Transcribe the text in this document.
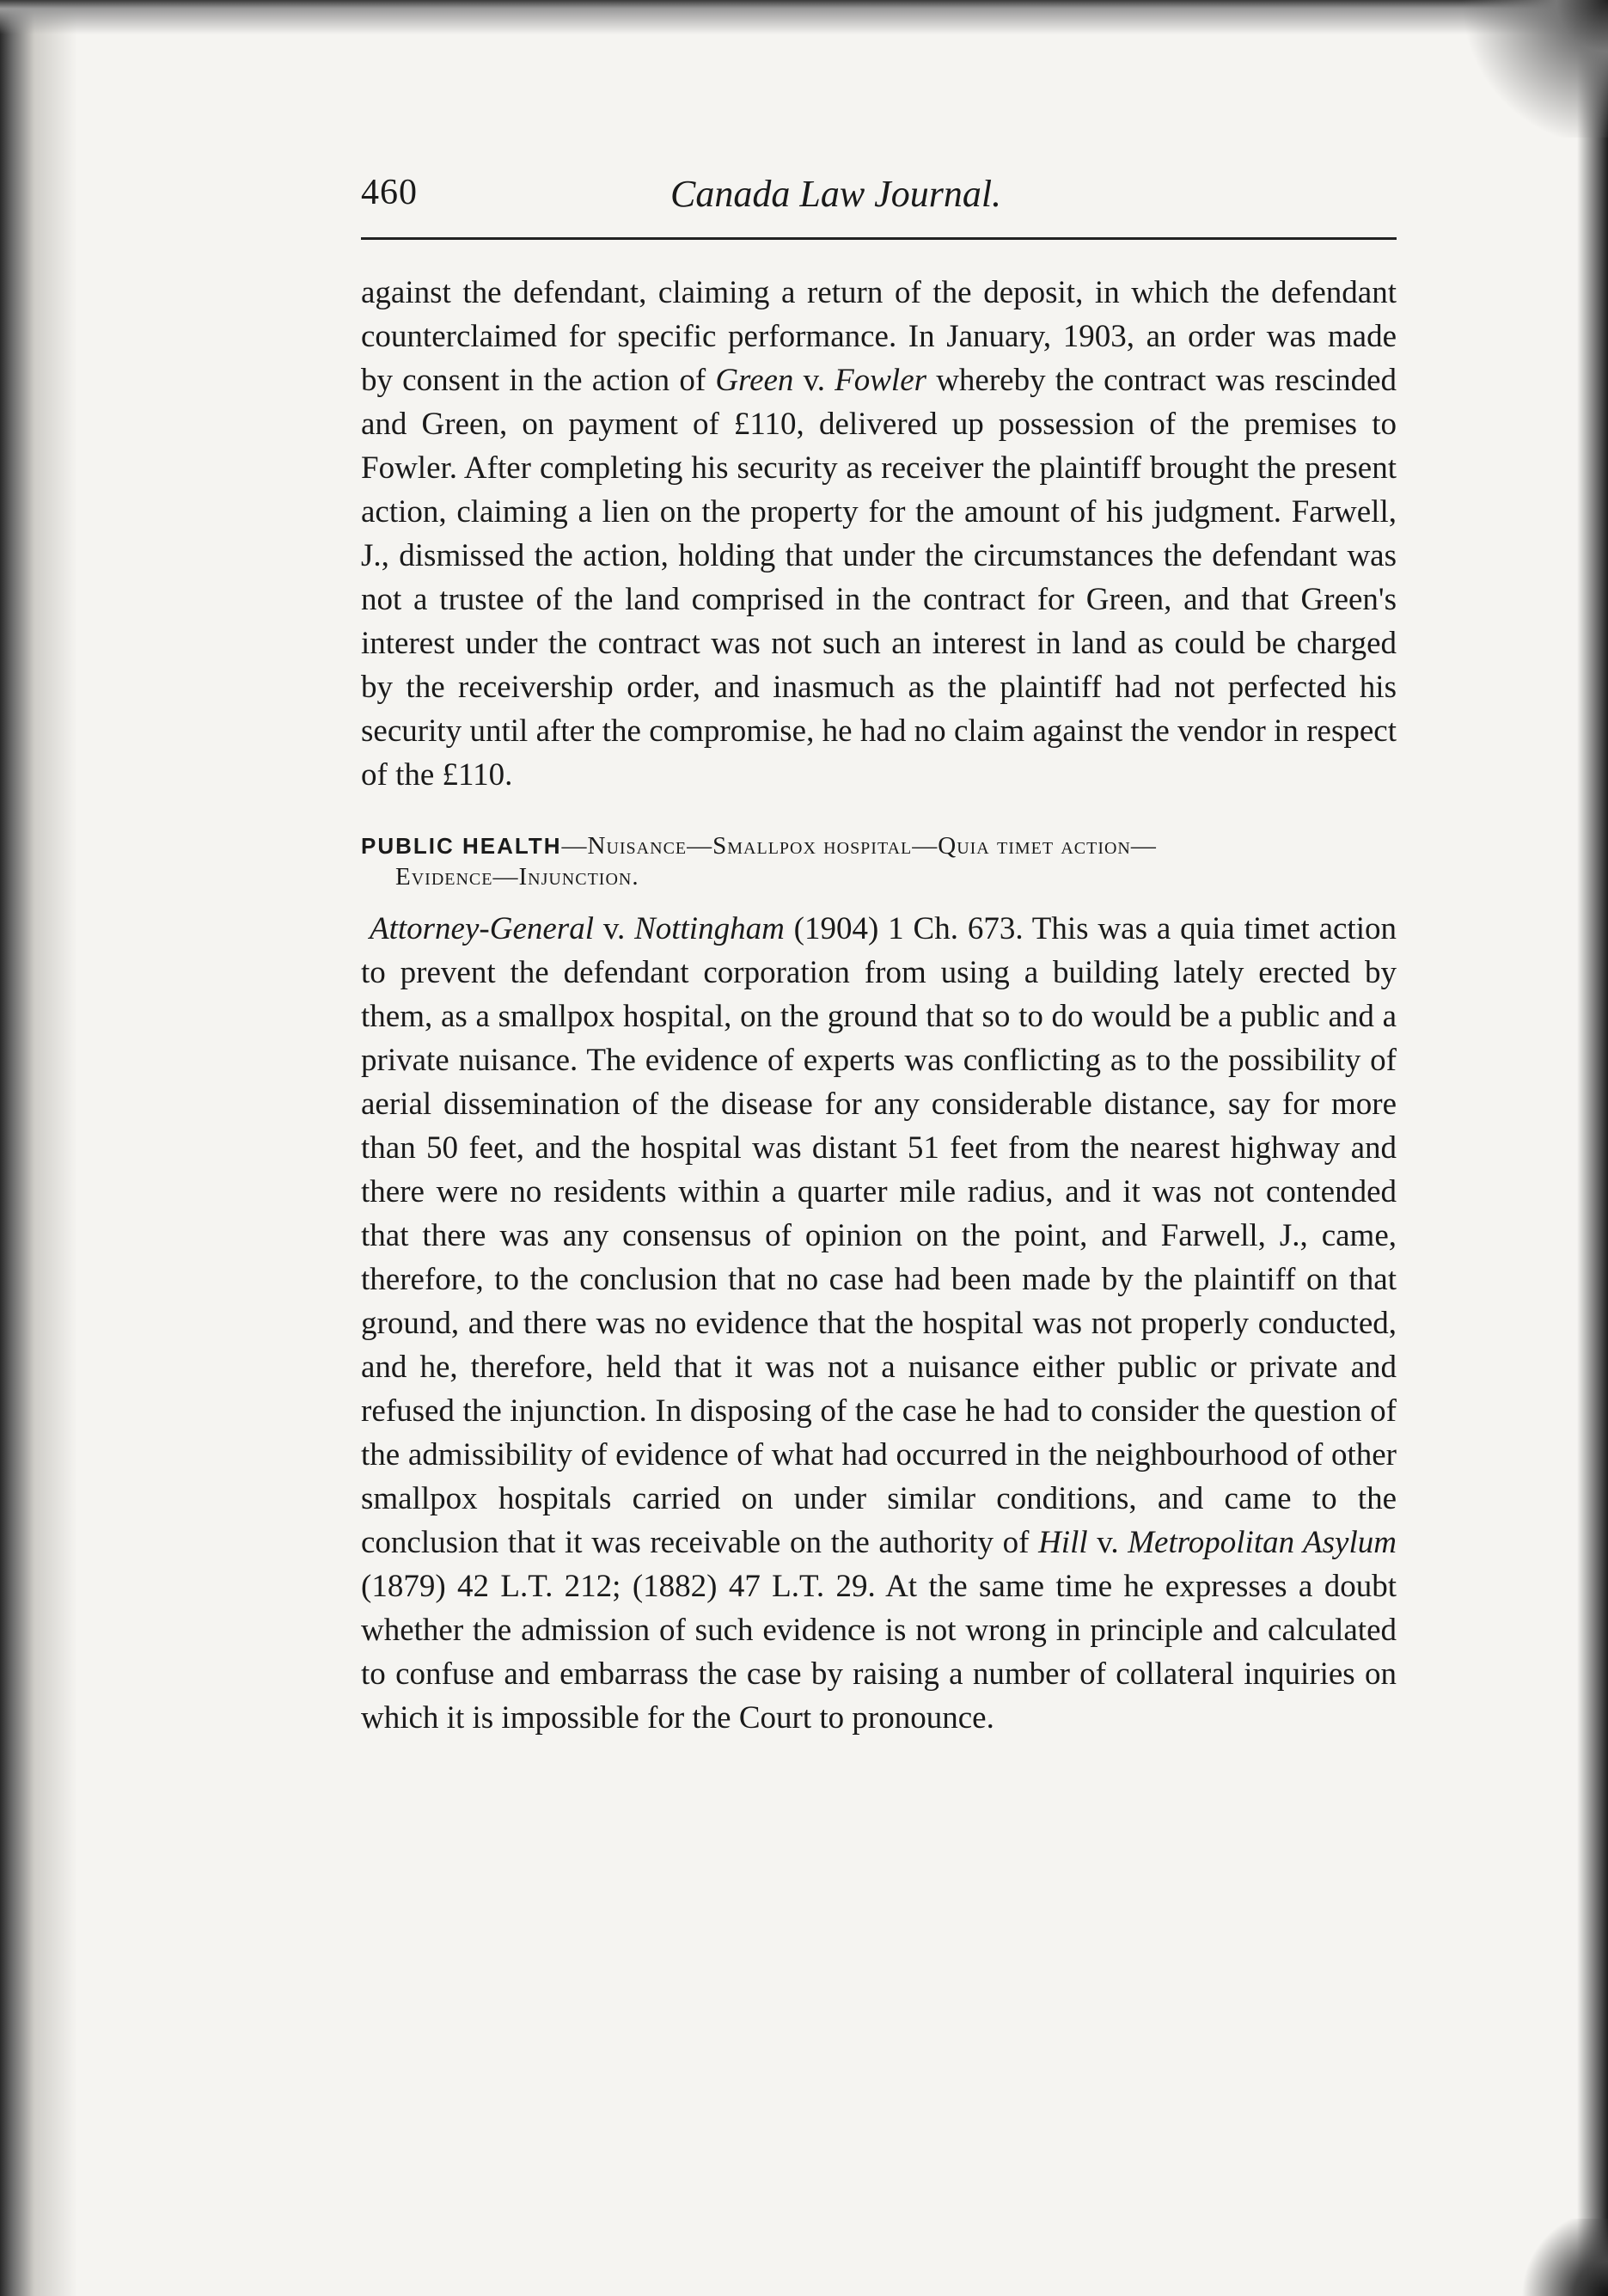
460	Canada Law Journal.

against the defendant, claiming a return of the deposit, in which the defendant counterclaimed for specific performance. In January, 1903, an order was made by consent in the action of Green v. Fowler whereby the contract was rescinded and Green, on payment of £110, delivered up possession of the premises to Fowler. After completing his security as receiver the plaintiff brought the present action, claiming a lien on the property for the amount of his judgment. Farwell, J., dismissed the action, holding that under the circumstances the defendant was not a trustee of the land comprised in the contract for Green, and that Green's interest under the contract was not such an interest in land as could be charged by the receivership order, and inasmuch as the plaintiff had not perfected his security until after the compromise, he had no claim against the vendor in respect of the £110.

PUBLIC HEALTH—Nuisance—Smallpox hospital—Quia timet action—
Evidence—Injunction.

Attorney-General v. Nottingham (1904) 1 Ch. 673. This was a quia timet action to prevent the defendant corporation from using a building lately erected by them, as a smallpox hospital, on the ground that so to do would be a public and a private nuisance. The evidence of experts was conflicting as to the possibility of aerial dissemination of the disease for any considerable distance, say for more than 50 feet, and the hospital was distant 51 feet from the nearest highway and there were no residents within a quarter mile radius, and it was not contended that there was any consensus of opinion on the point, and Farwell, J., came, therefore, to the conclusion that no case had been made by the plaintiff on that ground, and there was no evidence that the hospital was not properly conducted, and he, therefore, held that it was not a nuisance either public or private and refused the injunction. In disposing of the case he had to consider the question of the admissibility of evidence of what had occurred in the neighbourhood of other smallpox hospitals carried on under similar conditions, and came to the conclusion that it was receivable on the authority of Hill v. Metropolitan Asylum (1879) 42 L.T. 212; (1882) 47 L.T. 29. At the same time he expresses a doubt whether the admission of such evidence is not wrong in principle and calculated to confuse and embarrass the case by raising a number of collateral inquiries on which it is impossible for the Court to pronounce.
